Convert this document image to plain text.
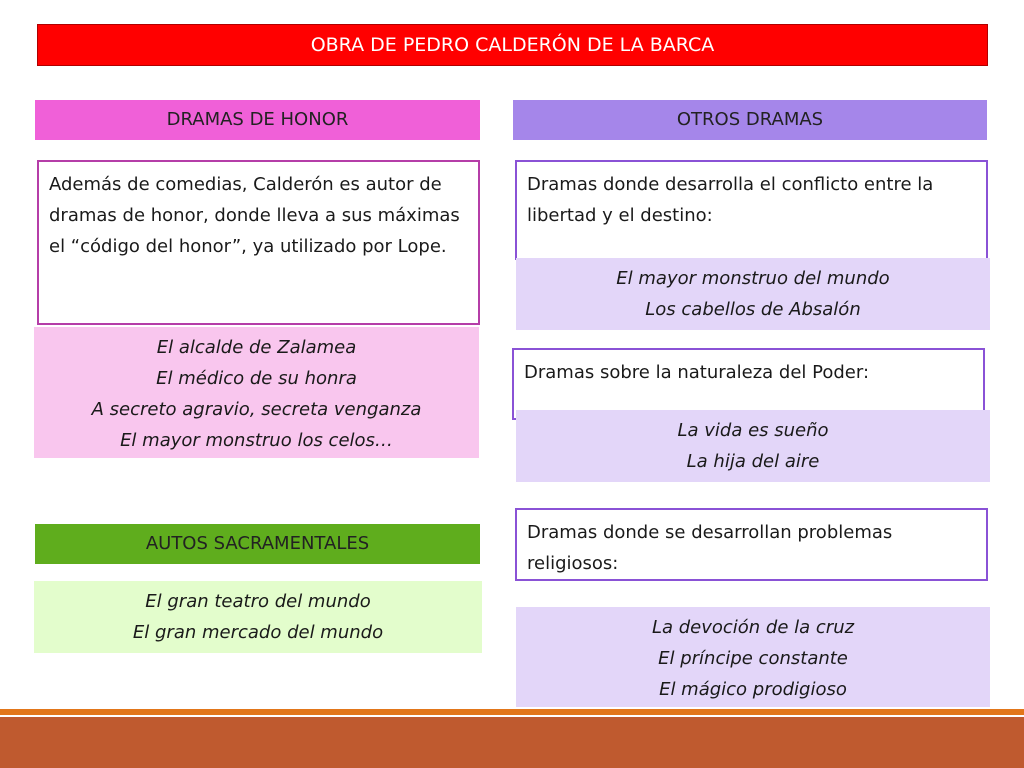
OBRA DE PEDRO CALDERÓN DE LA BARCA
DRAMAS DE HONOR
Además de comedias, Calderón es autor de dramas de honor, donde lleva a sus máximas el “código del honor”, ya utilizado por Lope.
El alcalde de Zalamea
El médico de su honra
A secreto agravio, secreta venganza
El mayor monstruo los celos…
AUTOS SACRAMENTALES
El gran teatro del mundo
El gran mercado del mundo
OTROS DRAMAS
Dramas donde desarrolla el conflicto entre la libertad y el destino:
El mayor monstruo del mundo
Los cabellos de Absalón
Dramas sobre la naturaleza del Poder:
La vida es sueño
La hija del aire
Dramas donde se desarrollan problemas religiosos:
La devoción de la cruz
El príncipe constante
El mágico prodigioso
